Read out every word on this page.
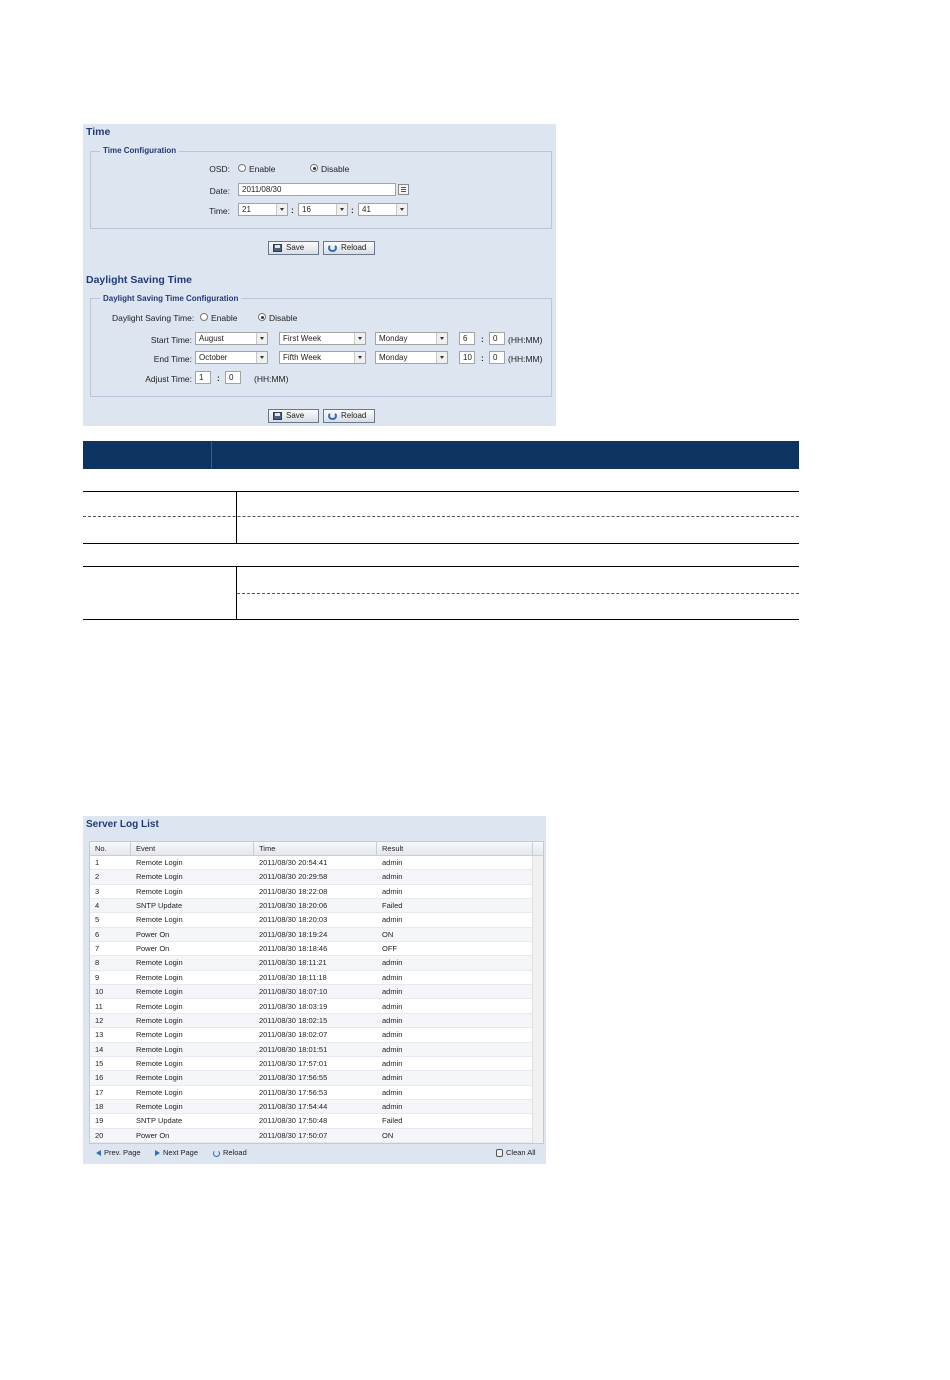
Time
Time Configuration
OSD: Enable	Disable
Date:	2011/08/30
Time:	21	:	16	:	41
Save	Reload
Daylight Saving Time
Daylight Saving Time Configuration
Daylight Saving Time: Enable	Disable
Start Time: August	First Week	Monday	6	:	0	(HH:MM)
End Time: October	Fifth Week	Monday	10	:	0	(HH:MM)
Adjust Time: 1	:	0	(HH:MM)
Save	Reload
Server Log List
No.	Event	Time	Result
1	Remote Login	2011/08/30 20:54:41	admin
2	Remote Login	2011/08/30 20:29:58	admin
3	Remote Login	2011/08/30 18:22:08	admin
4	SNTP Update	2011/08/30 18:20:06	Failed
5	Remote Login	2011/08/30 18:20:03	admin
6	Power On	2011/08/30 18:19:24	ON
7	Power On	2011/08/30 18:18:46	OFF
8	Remote Login	2011/08/30 18:11:21	admin
9	Remote Login	2011/08/30 18:11:18	admin
10	Remote Login	2011/08/30 18:07:10	admin
11	Remote Login	2011/08/30 18:03:19	admin
12	Remote Login	2011/08/30 18:02:15	admin
13	Remote Login	2011/08/30 18:02:07	admin
14	Remote Login	2011/08/30 18:01:51	admin
15	Remote Login	2011/08/30 17:57:01	admin
16	Remote Login	2011/08/30 17:56:55	admin
17	Remote Login	2011/08/30 17:56:53	admin
18	Remote Login	2011/08/30 17:54:44	admin
19	SNTP Update	2011/08/30 17:50:48	Failed
20	Power On	2011/08/30 17:50:07	ON
Prev. Page	Next Page	Reload	Clean All
